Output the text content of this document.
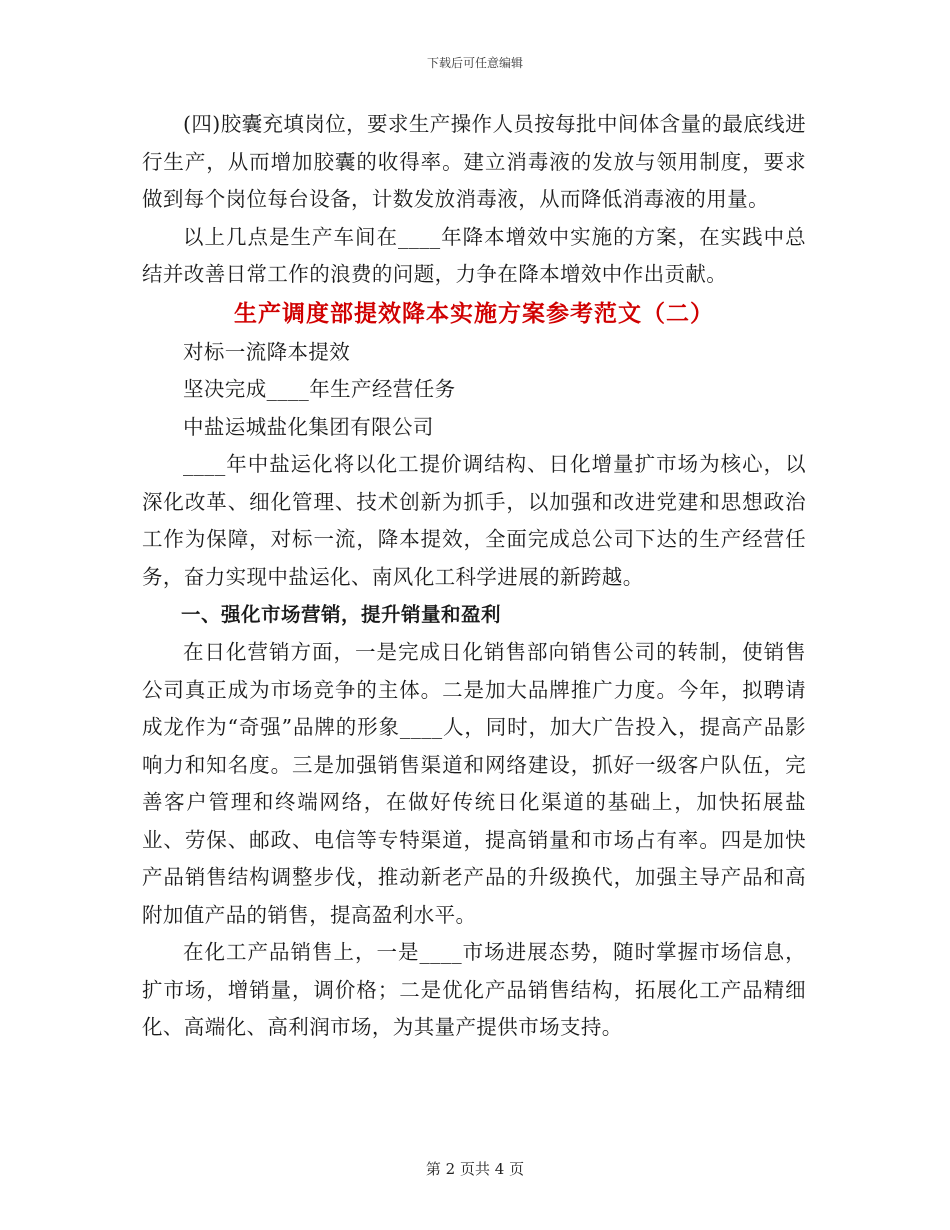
下载后可任意编辑

(四)胶囊充填岗位，要求生产操作人员按每批中间体含量的最底线进行生产，从而增加胶囊的收得率。建立消毒液的发放与领用制度，要求做到每个岗位每台设备，计数发放消毒液，从而降低消毒液的用量。

以上几点是生产车间在____年降本增效中实施的方案，在实践中总结并改善日常工作的浪费的问题，力争在降本增效中作出贡献。

生产调度部提效降本实施方案参考范文（二）

对标一流降本提效

坚决完成____年生产经营任务

中盐运城盐化集团有限公司

____年中盐运化将以化工提价调结构、日化增量扩市场为核心，以深化改革、细化管理、技术创新为抓手，以加强和改进党建和思想政治工作为保障，对标一流，降本提效，全面完成总公司下达的生产经营任务，奋力实现中盐运化、南风化工科学进展的新跨越。

一、强化市场营销，提升销量和盈利

在日化营销方面，一是完成日化销售部向销售公司的转制，使销售公司真正成为市场竞争的主体。二是加大品牌推广力度。今年，拟聘请成龙作为“奇强”品牌的形象____人，同时，加大广告投入，提高产品影响力和知名度。三是加强销售渠道和网络建设，抓好一级客户队伍，完善客户管理和终端网络，在做好传统日化渠道的基础上，加快拓展盐业、劳保、邮政、电信等专特渠道，提高销量和市场占有率。四是加快产品销售结构调整步伐，推动新老产品的升级换代，加强主导产品和高附加值产品的销售，提高盈利水平。

在化工产品销售上，一是____市场进展态势，随时掌握市场信息，扩市场，增销量，调价格；二是优化产品销售结构，拓展化工产品精细化、高端化、高利润市场，为其量产提供市场支持。

第 2 页共 4 页
